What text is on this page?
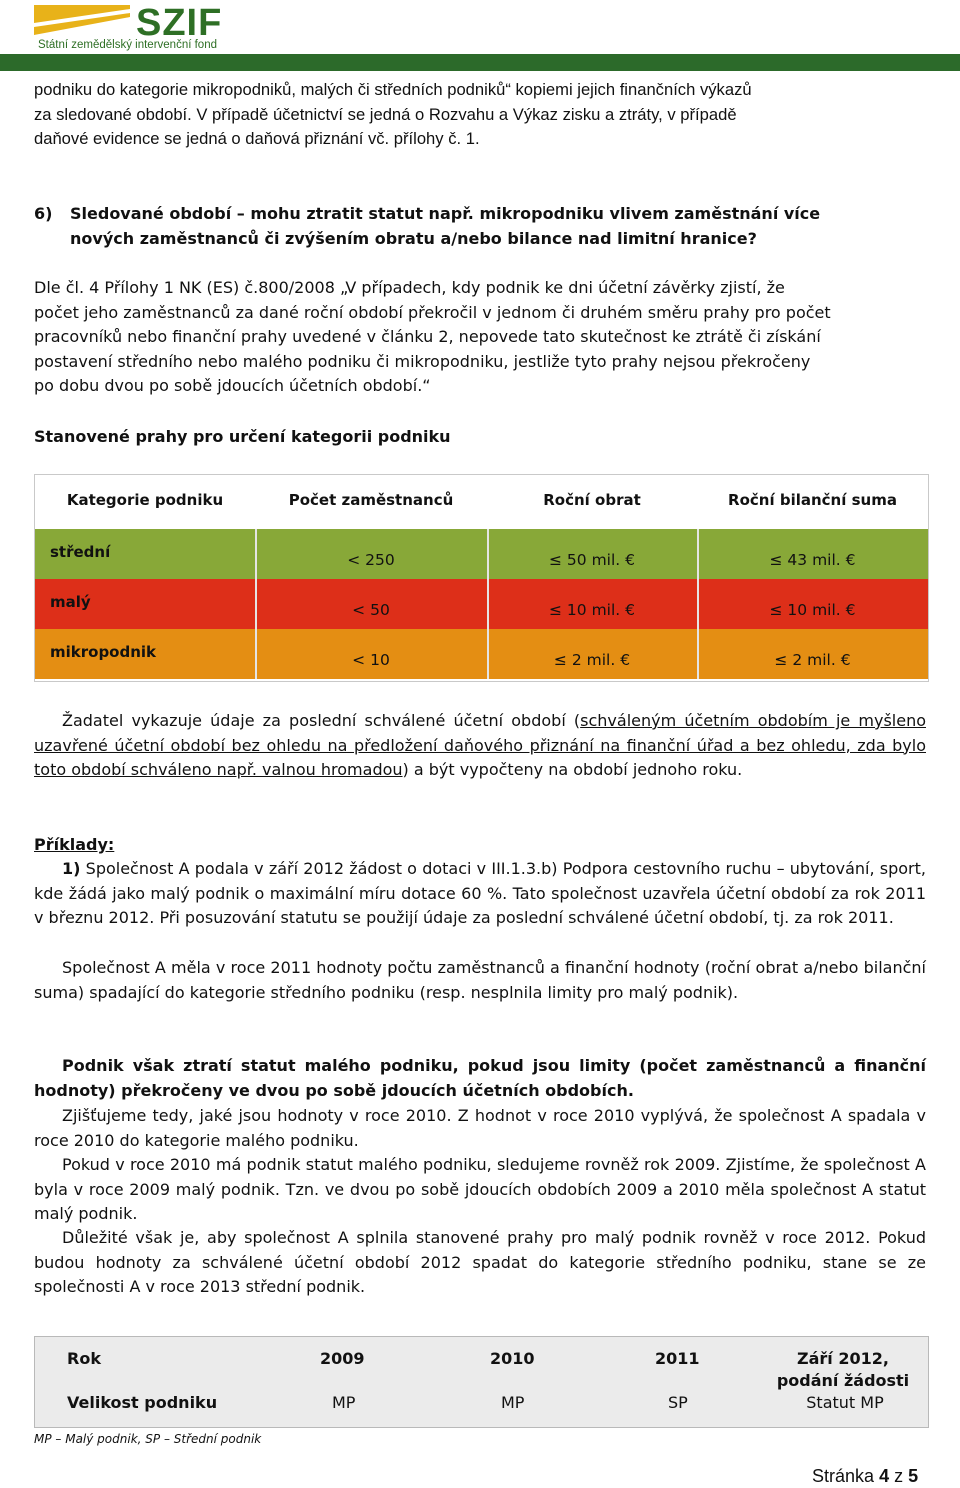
SZIF
Státní zemědělský intervenční fond
podniku do kategorie mikropodniků, malých či středních podniků“ kopiemi jejich finančních výkazů
za sledované období. V případě účetnictví se jedná o Rozvahu a Výkaz zisku a ztráty, v případě
daňové evidence se jedná o daňová přiznání vč. přílohy č. 1.
6) Sledované období – mohu ztratit statut např. mikropodniku vlivem zaměstnání více
nových zaměstnanců či zvýšením obratu a/nebo bilance nad limitní hranice?
Dle čl. 4 Přílohy 1 NK (ES) č.800/2008 „V případech, kdy podnik ke dni účetní závěrky zjistí, že
počet jeho zaměstnanců za dané roční období překročil v jednom či druhém směru prahy pro počet
pracovníků nebo finanční prahy uvedené v článku 2, nepovede tato skutečnost ke ztrátě či získání
postavení středního nebo malého podniku či mikropodniku, jestliže tyto prahy nejsou překročeny
po dobu dvou po sobě jdoucích účetních období.“
Stanovené prahy pro určení kategorii podniku
Kategorie podniku	Počet zaměstnanců	Roční obrat	Roční bilanční suma
střední	< 250	≤ 50 mil. €	≤ 43 mil. €
malý	< 50	≤ 10 mil. €	≤ 10 mil. €
mikropodnik	< 10	≤ 2 mil. €	≤ 2 mil. €

Žadatel vykazuje údaje za poslední schválené účetní období (schváleným účetním obdobím je myšleno uzavřené účetní období bez ohledu na předložení daňového přiznání na finanční úřad a bez ohledu, zda bylo toto období schváleno např. valnou hromadou) a být vypočteny na období jednoho roku.

Příklady:

1) Společnost A podala v září 2012 žádost o dotaci v III.1.3.b) Podpora cestovního ruchu – ubytování, sport, kde žádá jako malý podnik o maximální míru dotace 60 %. Tato společnost uzavřela účetní období za rok 2011 v březnu 2012. Při posuzování statutu se použijí údaje za poslední schválené účetní období, tj. za rok 2011.

Společnost A měla v roce 2011 hodnoty počtu zaměstnanců a finanční hodnoty (roční obrat a/nebo bilanční suma) spadající do kategorie středního podniku (resp. nesplnila limity pro malý podnik).

Podnik však ztratí statut malého podniku, pokud jsou limity (počet zaměstnanců a finanční hodnoty) překročeny ve dvou po sobě jdoucích účetních obdobích.

Zjišťujeme tedy, jaké jsou hodnoty v roce 2010. Z hodnot v roce 2010 vyplývá, že společnost A spadala v roce 2010 do kategorie malého podniku.

Pokud v roce 2010 má podnik statut malého podniku, sledujeme rovněž rok 2009. Zjistíme, že společnost A byla v roce 2009 malý podnik. Tzn. ve dvou po sobě jdoucích obdobích 2009 a 2010 měla společnost A statut malý podnik.

Důležité však je, aby společnost A splnila stanovené prahy pro malý podnik rovněž v roce 2012. Pokud budou hodnoty za schválené účetní období 2012 spadat do kategorie středního podniku, stane se ze společnosti A v roce 2013 střední podnik.

Rok	2009	2010	2011	Září 2012,
podání žádosti
Velikost podniku	MP	MP	SP	Statut MP
MP – Malý podnik, SP – Střední podnik
Stránka 4 z 5
